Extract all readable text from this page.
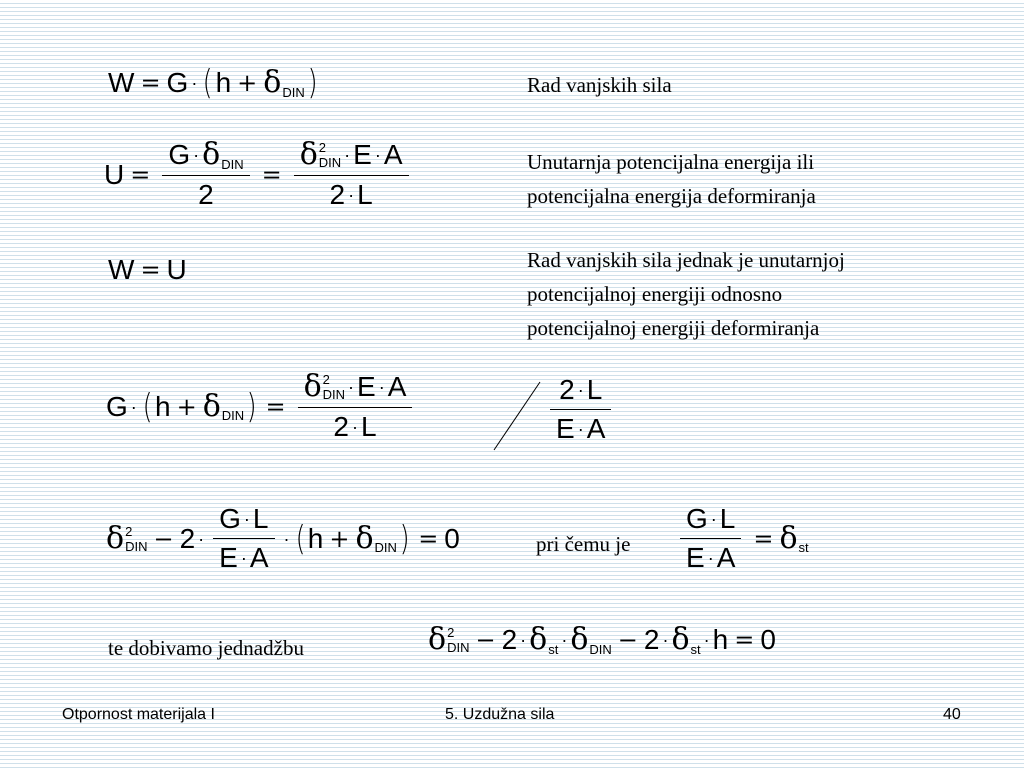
W = G · ( h + δ DIN )	Rad vanjskih sila
$U = \frac{\text{G · δ DIN}}{2} = \delta$ 2
DIN · E · A
2 · L	Unutarnja potencijalna energija ili
potencijalna energija deformiranja
W = U	Rad vanjskih sila jednak je unutarnjoj
potencijalnoj energiji odnosno
potencijalnoj energiji deformiranja
G · ( h + δ DIN ) = δ 2
DIN · E · A
2 · L	$\frac{2 \cdot L}{E \cdot A}$
δ 2
DIN − $2 \cdot \frac{G \cdot L}{E \cdot A}$ · ( h + δ DIN ) = 0	pri čemu je $\frac{G \cdot L}{E \cdot A} = \delta$ st
te dobivamo jednadžbu	δ 2
DIN − 2 · δ st · δ DIN − 2 · δ st · h = 0
Otpornost materijala I	5. Uzdužna sila	40
